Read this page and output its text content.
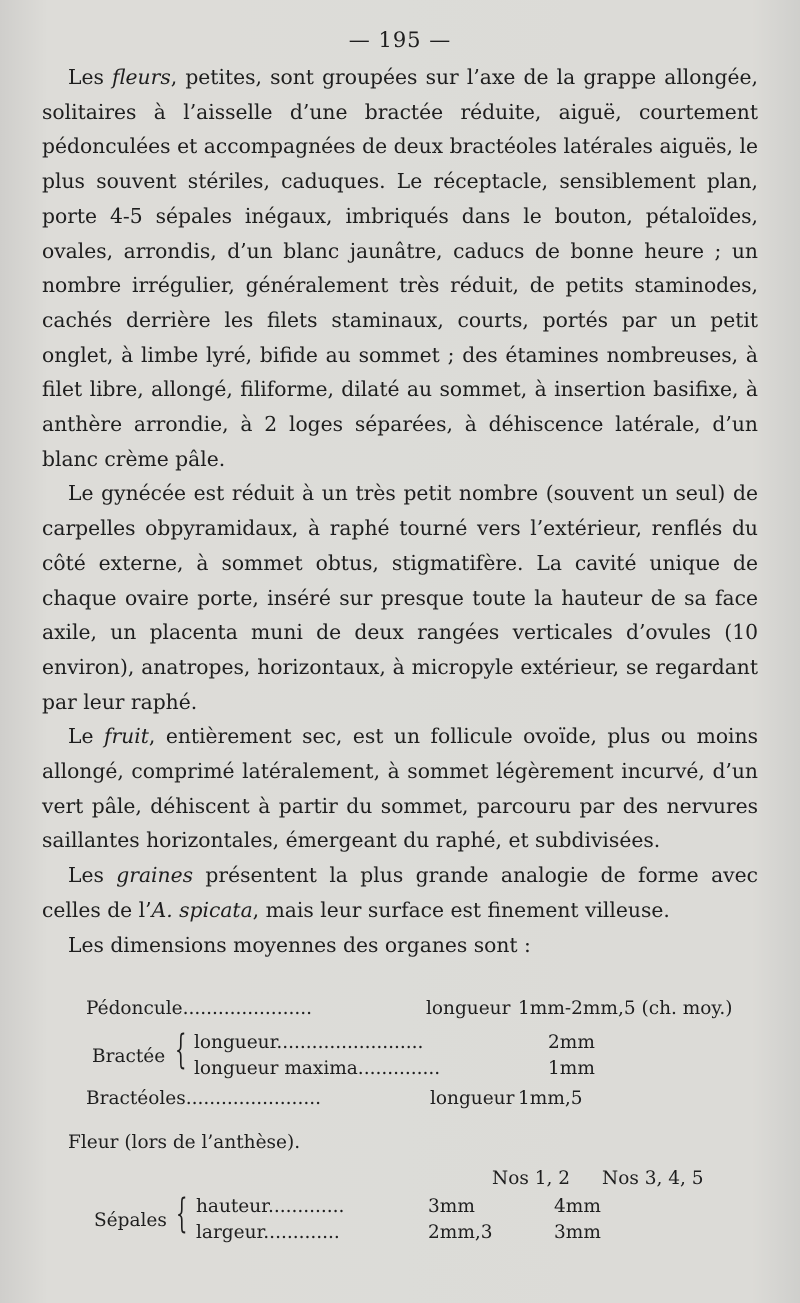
— 195 —

Les fleurs, petites, sont groupées sur l’axe de la grappe allongée, solitaires à l’aisselle d’une bractée réduite, aiguë, courtement pédonculées et accompagnées de deux bractéoles latérales aiguës, le plus souvent stériles, caduques. Le réceptacle, sensiblement plan, porte 4-5 sépales inégaux, imbriqués dans le bouton, pétaloïdes, ovales, arrondis, d’un blanc jaunâtre, caducs de bonne heure ; un nombre irrégulier, généralement très réduit, de petits staminodes, cachés derrière les filets staminaux, courts, portés par un petit onglet, à limbe lyré, bifide au sommet ; des étamines nombreuses, à filet libre, allongé, filiforme, dilaté au sommet, à insertion basifixe, à anthère arrondie, à 2 loges séparées, à déhiscence latérale, d’un blanc crème pâle.

Le gynécée est réduit à un très petit nombre (souvent un seul) de carpelles obpyramidaux, à raphé tourné vers l’extérieur, renflés du côté externe, à sommet obtus, stigmatifère. La cavité unique de chaque ovaire porte, inséré sur presque toute la hauteur de sa face axile, un placenta muni de deux rangées verticales d’ovules (10 environ), anatropes, horizontaux, à micropyle extérieur, se regardant par leur raphé.

Le fruit, entièrement sec, est un follicule ovoïde, plus ou moins allongé, comprimé latéralement, à sommet légèrement incurvé, d’un vert pâle, déhiscent à partir du sommet, parcouru par des nervures saillantes horizontales, émergeant du raphé, et subdivisées.

Les graines présentent la plus grande analogie de forme avec celles de l’A. spicata, mais leur surface est finement villeuse.

Les dimensions moyennes des organes sont :

Pédoncule......................	longueur 1mm-2mm,5 (ch. moy.)
Bractée { longueur.........................	2mm
longueur maxima..............	1mm
Bractéoles.......................	longueur 1mm,5
Fleur (lors de l’anthèse).
Nos 1, 2 Nos 3, 4, 5
Sépales { hauteur.............	3mm	4mm
largeur.............	2mm,3	3mm
